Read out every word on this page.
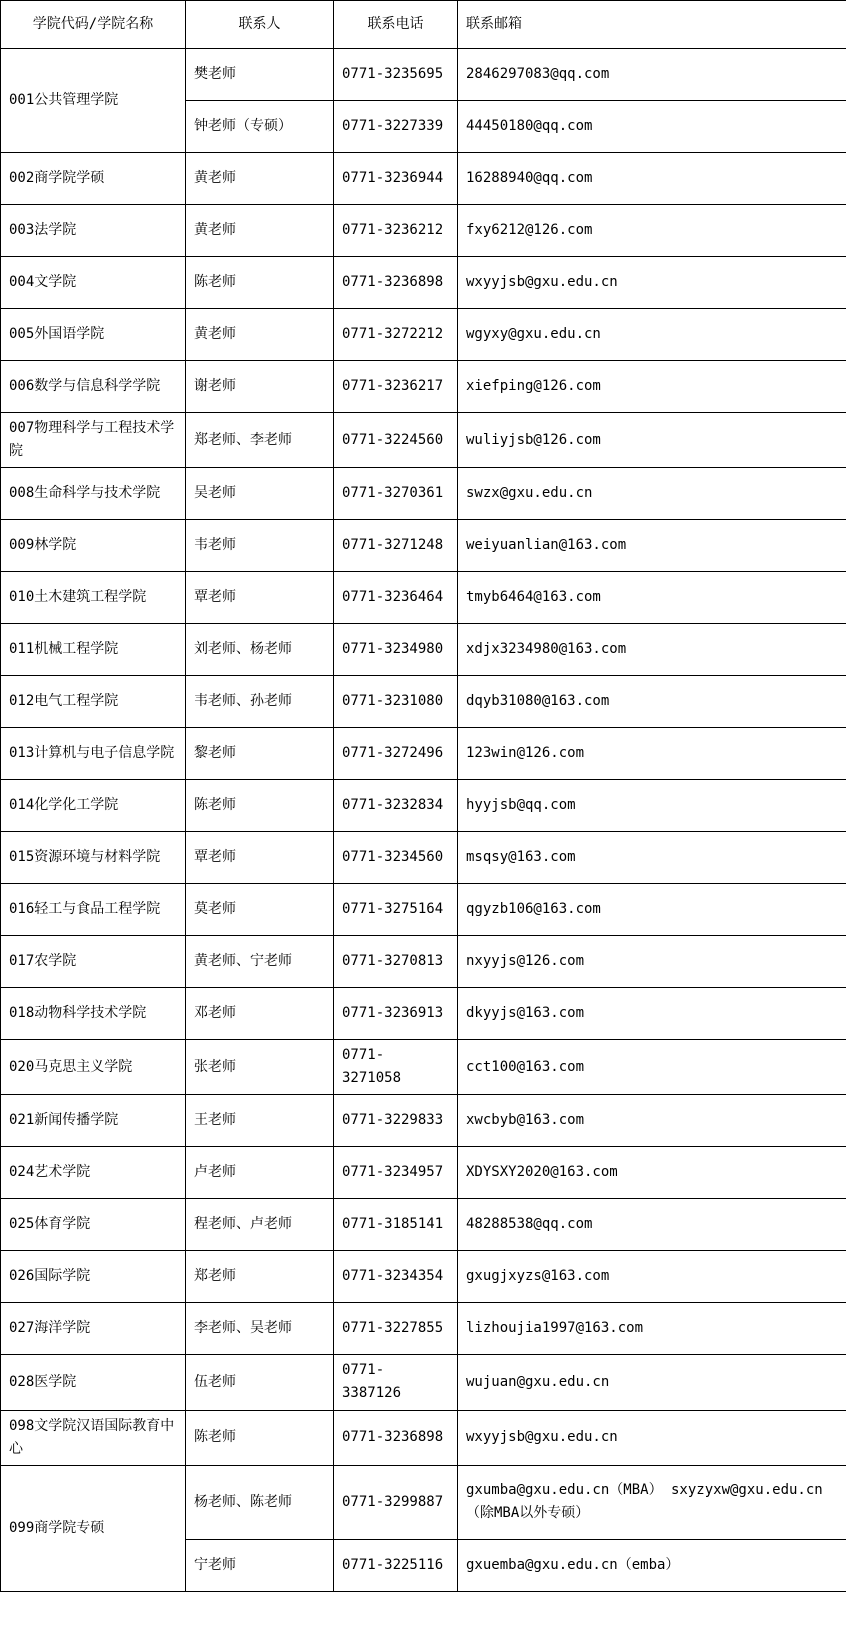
学院代码/学院名称	联系人	联系电话	联系邮箱
001公共管理学院	樊老师	0771-3235695	2846297083@qq.com
	钟老师（专硕）	0771-3227339	44450180@qq.com
002商学院学硕	黄老师	0771-3236944	16288940@qq.com
003法学院	黄老师	0771-3236212	fxy6212@126.com
004文学院	陈老师	0771-3236898	wxyyjsb@gxu.edu.cn
005外国语学院	黄老师	0771-3272212	wgyxy@gxu.edu.cn
006数学与信息科学学院	谢老师	0771-3236217	xiefping@126.com
007物理科学与工程技术学院	郑老师、李老师	0771-3224560	wuliyjsb@126.com
008生命科学与技术学院	吴老师	0771-3270361	swzx@gxu.edu.cn
009林学院	韦老师	0771-3271248	weiyuanlian@163.com
010土木建筑工程学院	覃老师	0771-3236464	tmyb6464@163.com
011机械工程学院	刘老师、杨老师	0771-3234980	xdjx3234980@163.com
012电气工程学院	韦老师、孙老师	0771-3231080	dqyb31080@163.com
013计算机与电子信息学院	黎老师	0771-3272496	123win@126.com
014化学化工学院	陈老师	0771-3232834	hyyjsb@qq.com
015资源环境与材料学院	覃老师	0771-3234560	msqsy@163.com
016轻工与食品工程学院	莫老师	0771-3275164	qgyzb106@163.com
017农学院	黄老师、宁老师	0771-3270813	nxyyjs@126.com
018动物科学技术学院	邓老师	0771-3236913	dkyyjs@163.com
020马克思主义学院	张老师	0771- 3271058	cct100@163.com
021新闻传播学院	王老师	0771-3229833	xwcbyb@163.com
024艺术学院	卢老师	0771-3234957	XDYSXY2020@163.com
025体育学院	程老师、卢老师	0771-3185141	48288538@qq.com
026国际学院	郑老师	0771-3234354	gxugjxyzs@163.com
027海洋学院	李老师、吴老师	0771-3227855	lizhoujia1997@163.com
028医学院	伍老师	0771- 3387126	wujuan@gxu.edu.cn
098文学院汉语国际教育中心	陈老师	0771-3236898	wxyyjsb@gxu.edu.cn
099商学院专硕	杨老师、陈老师	0771-3299887	gxumba@gxu.edu.cn（MBA） sxyzyxw@gxu.edu.cn（除MBA以外专硕）
	宁老师	0771-3225116	gxuemba@gxu.edu.cn（emba）
